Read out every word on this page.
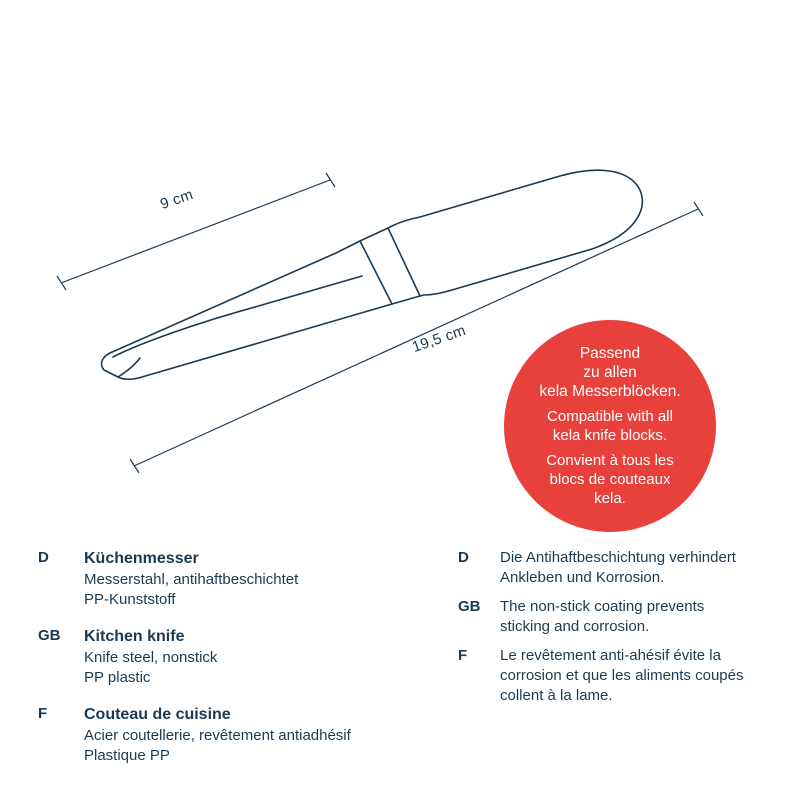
9 cm
19,5 cm	Passend
zu allen
kela Messerblöcken.
Compatible with all
kela knife blocks.
Convient à tous les
blocs de couteaux
kela.
D	Küchenmesser
Messerstahl, antihaftbeschichtet
PP-Kunststoff
GB	Kitchen knife
Knife steel, nonstick
PP plastic
F	Couteau de cuisine
Acier coutellerie, revêtement antiadhésif
Plastique PP
D	Die Antihaftbeschichtung verhindert
Ankleben und Korrosion.
GB	The non-stick coating prevents
sticking and corrosion.
F	Le revêtement anti-ahésif évite la
corrosion et que les aliments coupés
collent à la lame.
